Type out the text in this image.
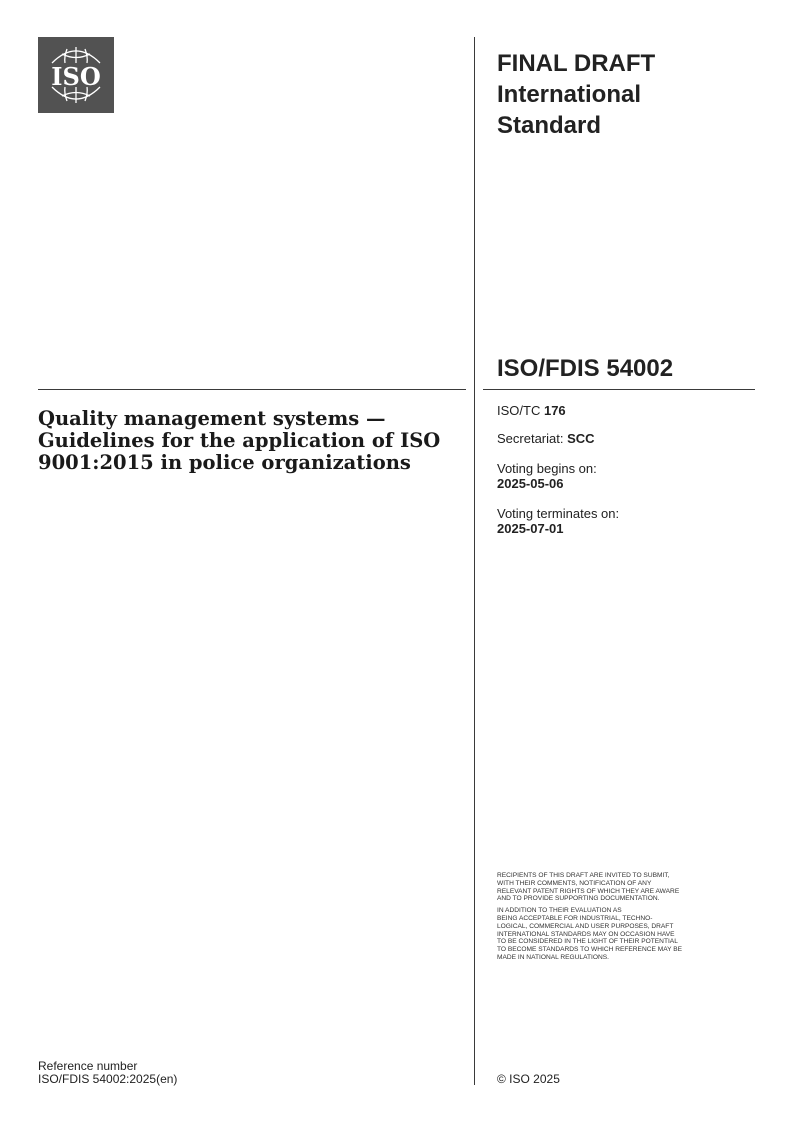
ISO	FINAL DRAFT
International
Standard
ISO/FDIS 54002
Quality management systems —
Guidelines for the application of ISO
9001:2015 in police organizations
ISO/TC 176
Secretariat: SCC
Voting begins on:
2025-05-06
Voting terminates on:
2025-07-01
RECIPIENTS OF THIS DRAFT ARE INVITED TO SUBMIT,
WITH THEIR COMMENTS, NOTIFICATION OF ANY
RELEVANT PATENT RIGHTS OF WHICH THEY ARE AWARE
AND TO PROVIDE SUPPORTING DOCUMENTATION.
IN ADDITION TO THEIR EVALUATION AS
BEING ACCEPTABLE FOR INDUSTRIAL, TECHNO-
LOGICAL, COMMERCIAL AND USER PURPOSES, DRAFT
INTERNATIONAL STANDARDS MAY ON OCCASION HAVE
TO BE CONSIDERED IN THE LIGHT OF THEIR POTENTIAL
TO BECOME STANDARDS TO WHICH REFERENCE MAY BE
MADE IN NATIONAL REGULATIONS.
Reference number
ISO/FDIS 54002:2025(en)	© ISO 2025
